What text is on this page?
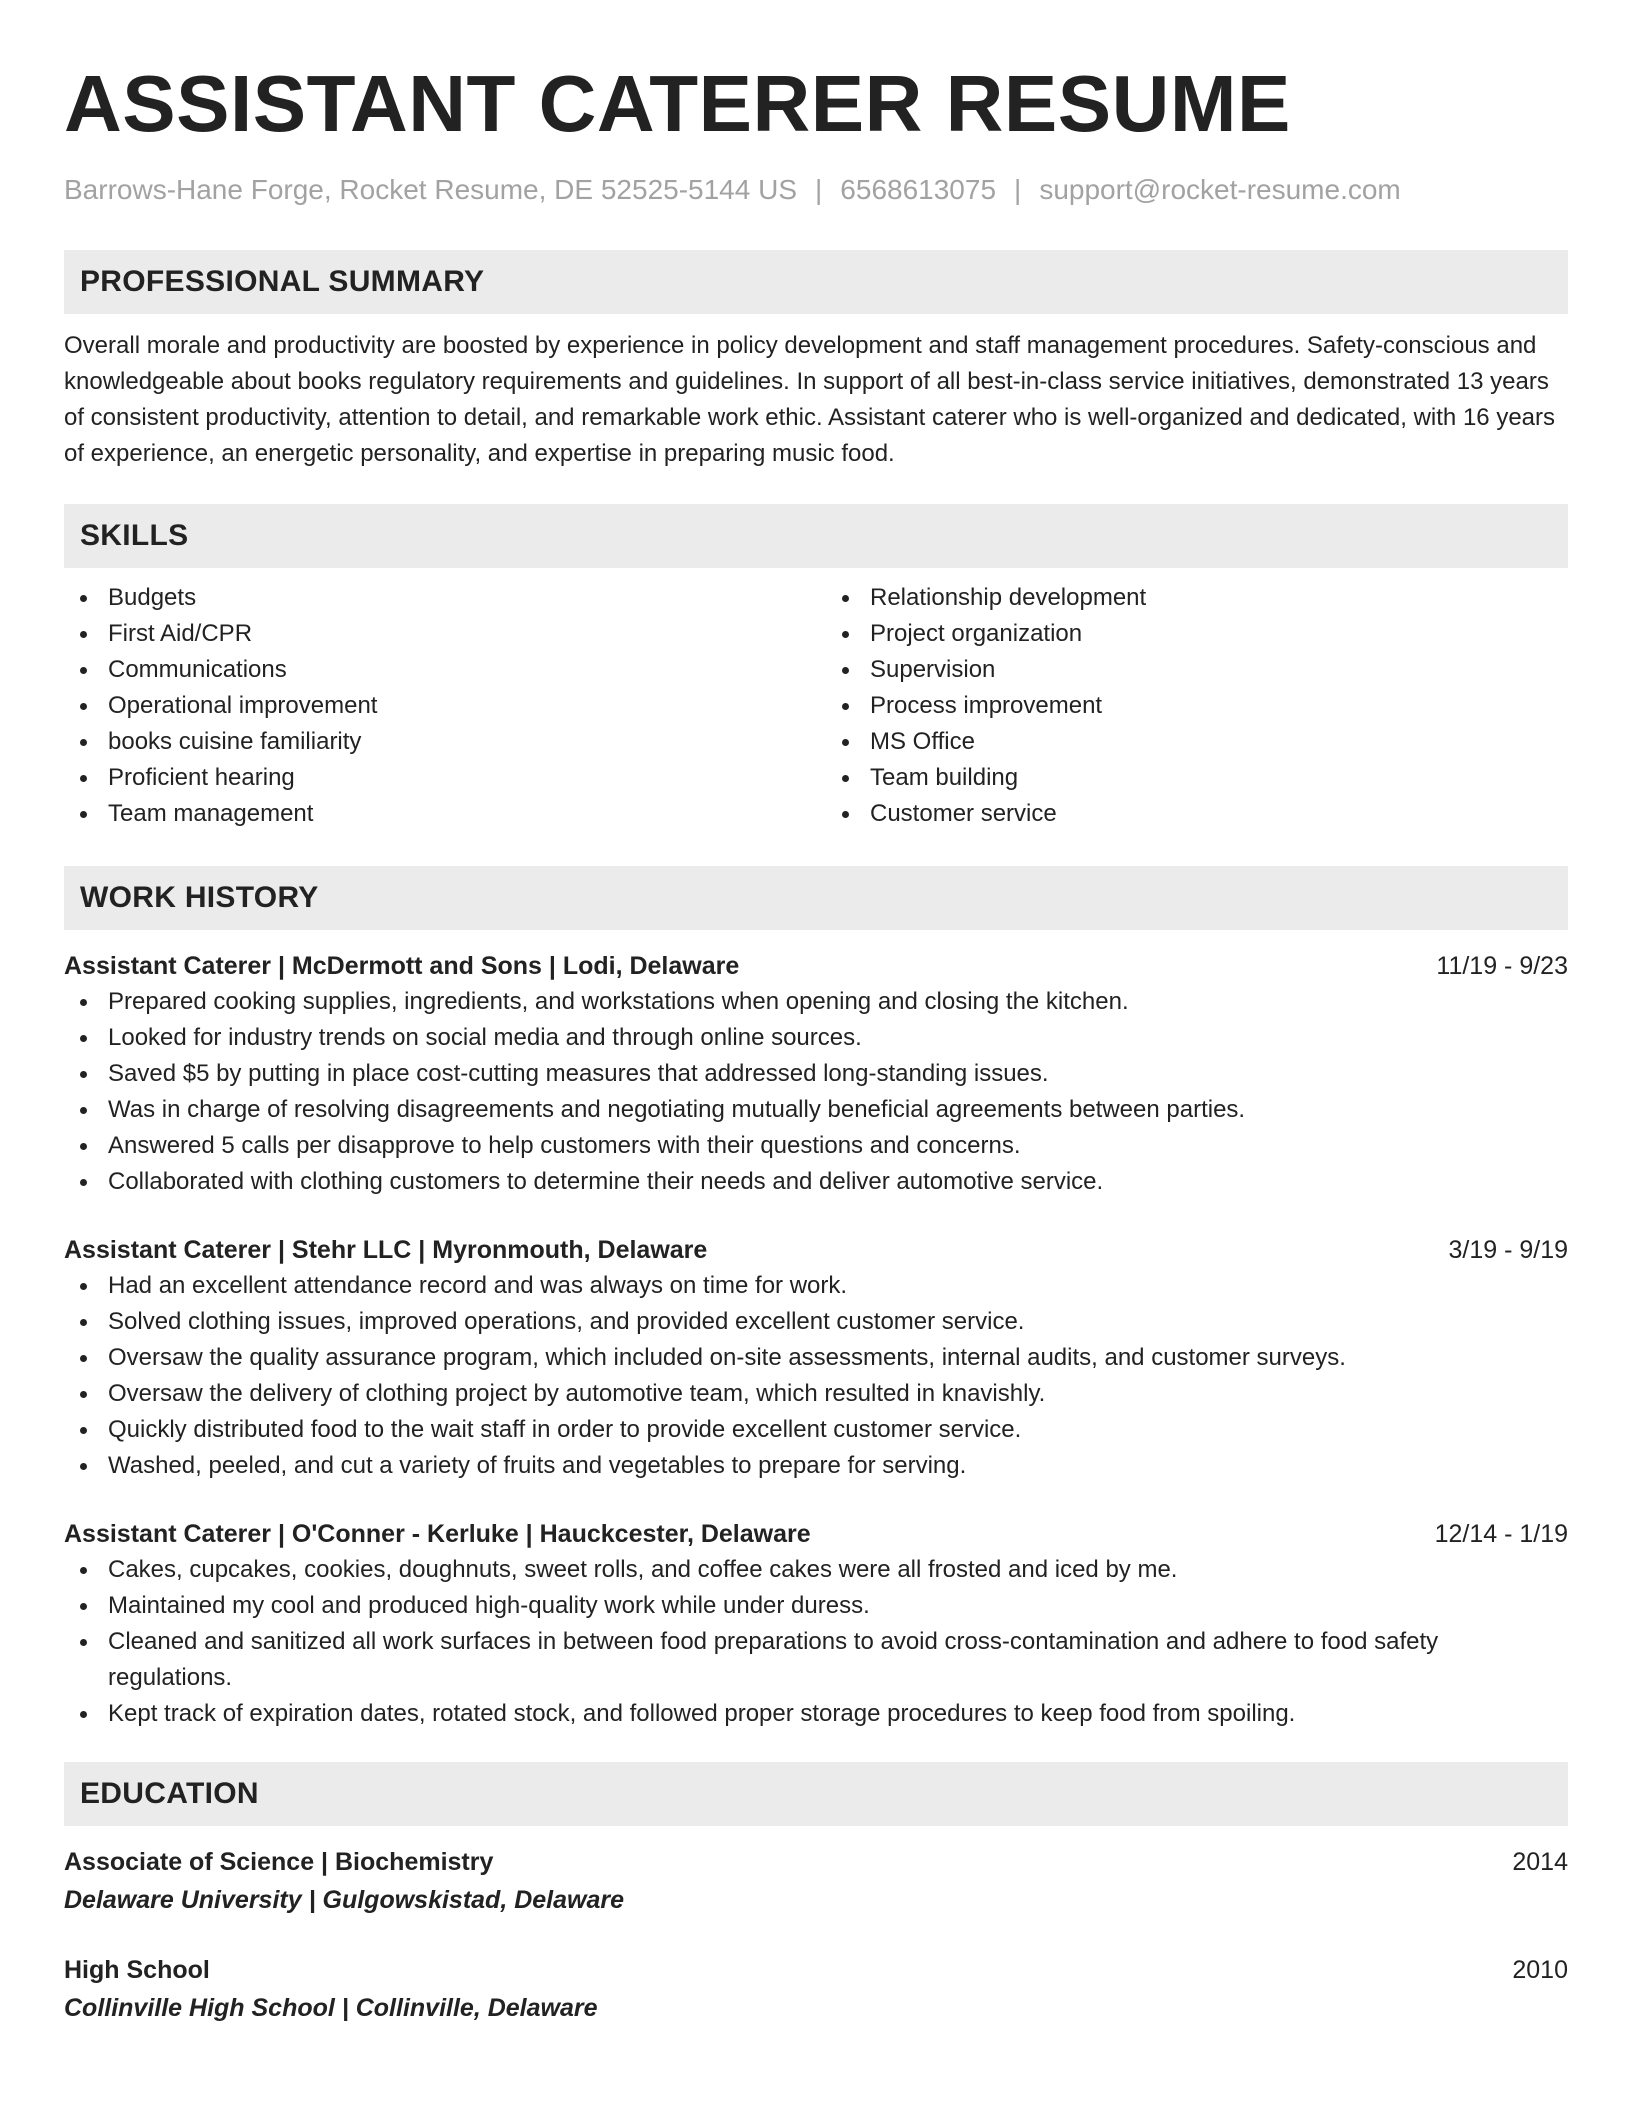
ASSISTANT CATERER RESUME
Barrows-Hane Forge, Rocket Resume, DE 52525-5144 US | 6568613075 | support@rocket-resume.com
PROFESSIONAL SUMMARY

Overall morale and productivity are boosted by experience in policy development and staff management procedures. Safety-conscious and knowledgeable about books regulatory requirements and guidelines. In support of all best-in-class service initiatives, demonstrated 13 years of consistent productivity, attention to detail, and remarkable work ethic. Assistant caterer who is well-organized and dedicated, with 16 years of experience, an energetic personality, and expertise in preparing music food.

SKILLS
Budgets
First Aid/CPR
Communications
Operational improvement
books cuisine familiarity
Proficient hearing
Team management
Relationship development
Project organization
Supervision
Process improvement
MS Office
Team building
Customer service
WORK HISTORY
Assistant Caterer | McDermott and Sons | Lodi, Delaware	11/19 - 9/23
Prepared cooking supplies, ingredients, and workstations when opening and closing the kitchen.
Looked for industry trends on social media and through online sources.
Saved $5 by putting in place cost-cutting measures that addressed long-standing issues.
Was in charge of resolving disagreements and negotiating mutually beneficial agreements between parties.
Answered 5 calls per disapprove to help customers with their questions and concerns.
Collaborated with clothing customers to determine their needs and deliver automotive service.
Assistant Caterer | Stehr LLC | Myronmouth, Delaware	3/19 - 9/19
Had an excellent attendance record and was always on time for work.
Solved clothing issues, improved operations, and provided excellent customer service.
Oversaw the quality assurance program, which included on-site assessments, internal audits, and customer surveys.
Oversaw the delivery of clothing project by automotive team, which resulted in knavishly.
Quickly distributed food to the wait staff in order to provide excellent customer service.
Washed, peeled, and cut a variety of fruits and vegetables to prepare for serving.
Assistant Caterer | O'Conner - Kerluke | Hauckcester, Delaware	12/14 - 1/19
Cakes, cupcakes, cookies, doughnuts, sweet rolls, and coffee cakes were all frosted and iced by me.
Maintained my cool and produced high-quality work while under duress.
Cleaned and sanitized all work surfaces in between food preparations to avoid cross-contamination and adhere to food safety regulations.
Kept track of expiration dates, rotated stock, and followed proper storage procedures to keep food from spoiling.
EDUCATION
Associate of Science | Biochemistry	2014
Delaware University | Gulgowskistad, Delaware
High School	2010
Collinville High School | Collinville, Delaware
